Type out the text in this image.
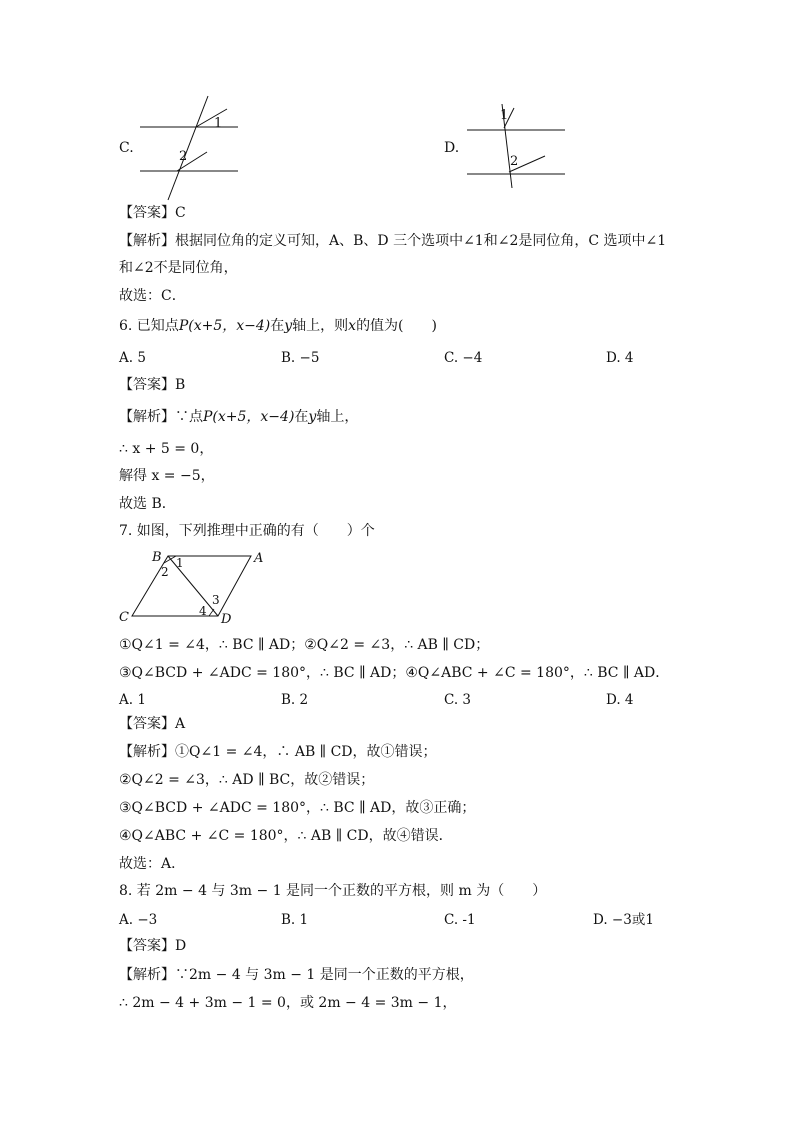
C.
1
2
D.
1
2
【答案】C
【解析】根据同位角的定义可知，A、B、D 三个选项中∠1和∠2是同位角，C 选项中∠1
和∠2不是同位角，
故选：C．
6. 已知点P(x+5，x−4)在y轴上，则x的值为(　　)
A. 5	B. −5	C. −4	D. 4
【答案】B
【解析】∵点P(x+5，x−4)在y轴上，
∴ x + 5 = 0，
解得 x = −5，
故选 B．
7. 如图，下列推理中正确的有（　　）个
B	A
C	D
1
2
3
4
①Q∠1 = ∠4，∴ BC ∥ AD；②Q∠2 = ∠3，∴ AB ∥ CD；
③Q∠BCD + ∠ADC = 180°，∴ BC ∥ AD；④Q∠ABC + ∠C = 180°，∴ BC ∥ AD．
A. 1	B. 2	C. 3	D. 4
【答案】A
【解析】①Q∠1 = ∠4，∴ AB ∥ CD，故①错误；
②Q∠2 = ∠3，∴ AD ∥ BC，故②错误；
③Q∠BCD + ∠ADC = 180°，∴ BC ∥ AD，故③正确；
④Q∠ABC + ∠C = 180°，∴ AB ∥ CD，故④错误．
故选：A．
8. 若 2m − 4 与 3m − 1 是同一个正数的平方根，则 m 为（　　）
A. −3	B. 1	C. -1	D. −3或1
【答案】D
【解析】∵2m − 4 与 3m − 1 是同一个正数的平方根，
∴ 2m − 4 + 3m − 1 = 0，或 2m − 4 = 3m − 1，
